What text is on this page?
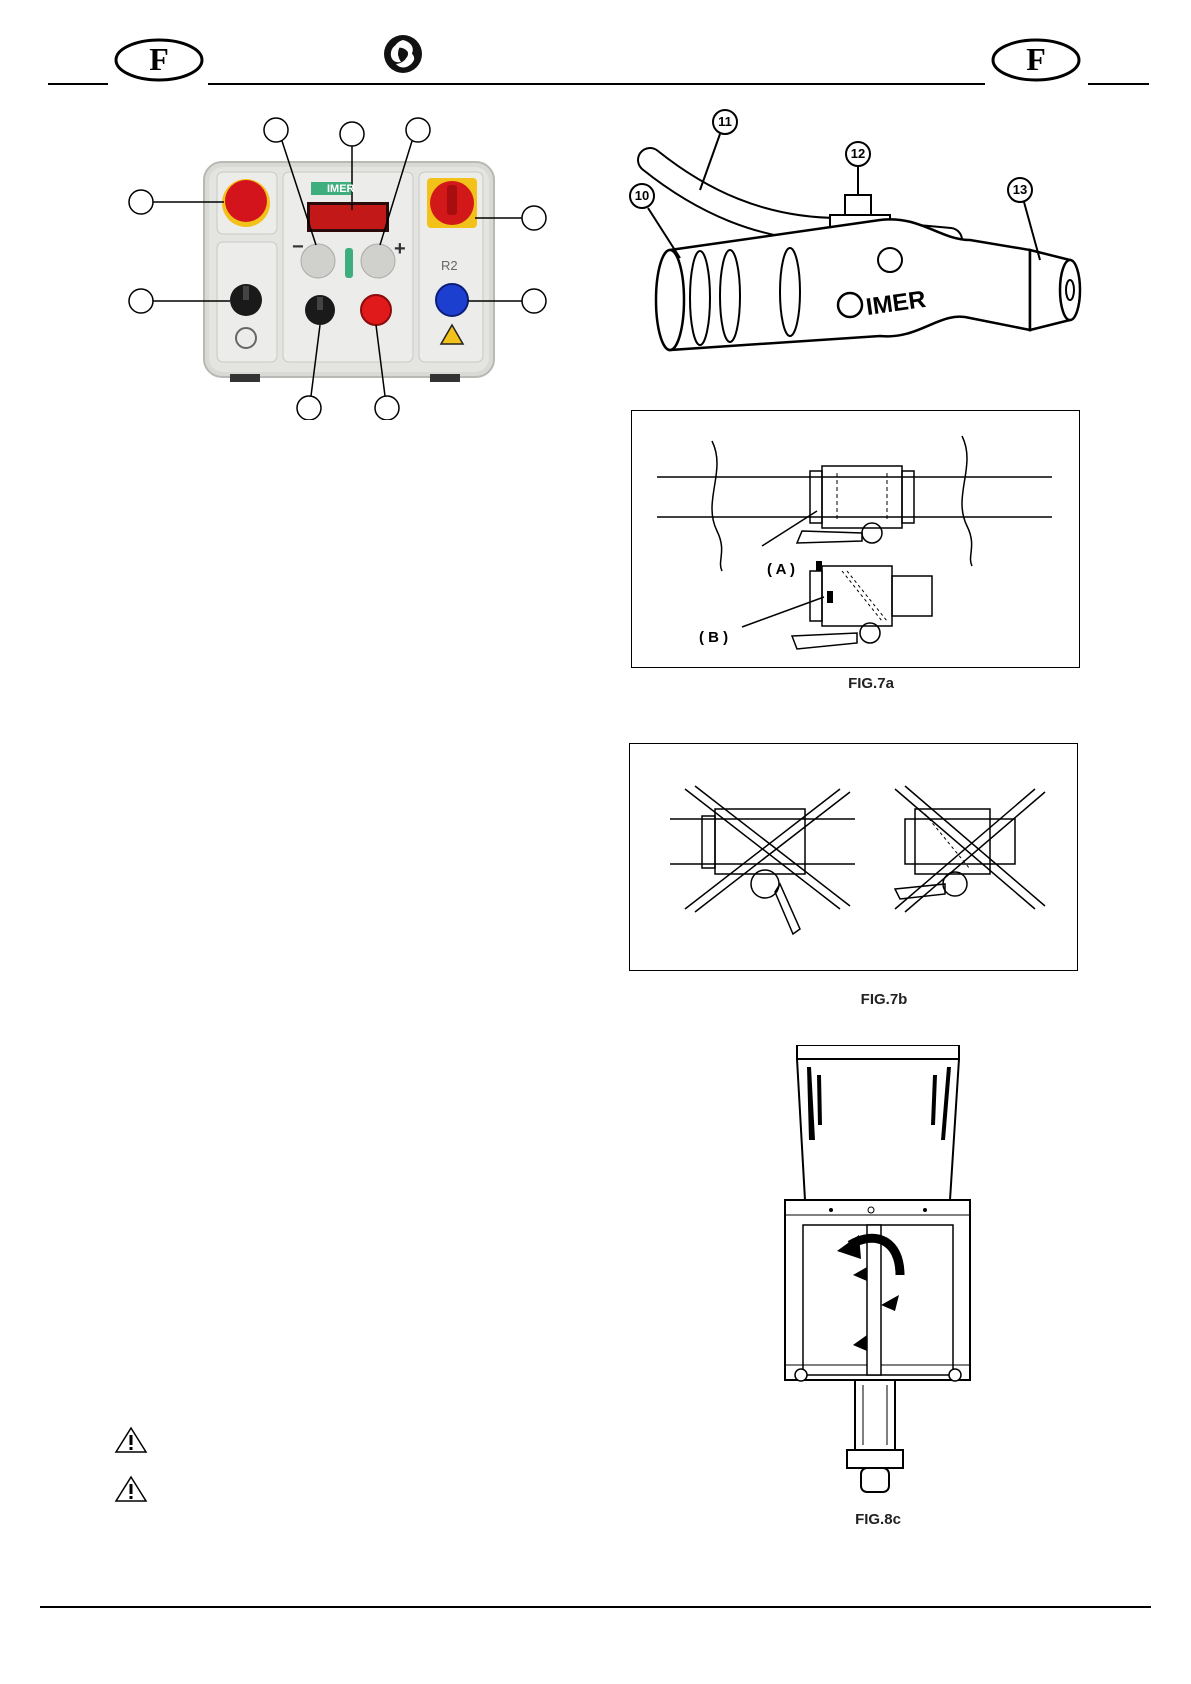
F	F
−	+
IMER
R2
10
11
12
13
IMER
( A )
( B )
FIG.7a
FIG.7b
FIG.8c
